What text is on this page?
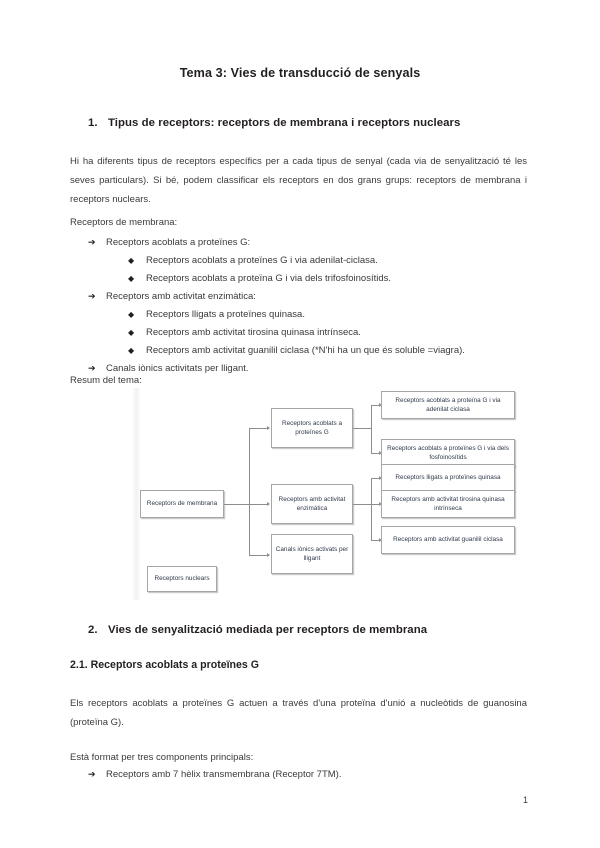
Tema 3: Vies de transducció de senyals
1. Tipus de receptors: receptors de membrana i receptors nuclears
Hi ha diferents tipus de receptors específics per a cada tipus de senyal (cada via de senyalització té les seves particulars). Si bé, podem classificar els receptors en dos grans grups: receptors de membrana i receptors nuclears.
Receptors de membrana:
➔ Receptors acoblats a proteïnes G:
◆ Receptors acoblats a proteïnes G i via adenilat-ciclasa.
◆ Receptors acoblats a proteïna G i via dels trifosfoinosítids.
➔ Receptors amb activitat enzimàtica:
◆ Receptors lligats a proteïnes quinasa.
◆ Receptors amb activitat tirosina quinasa intrínseca.
◆ Receptors amb activitat guanilil ciclasa (*N'hi ha un que és soluble =viagra).
➔ Canals iònics activitats per lligant.
Resum del tema:
Receptors de membrana
Receptors nuclears
Receptors acoblats a proteïnes G
Receptors amb activitat enzimàtica
Canals iònics activats per lligant
Receptors acoblats a proteïna G i via adenilat ciclasa
Receptors acoblats a proteïnes G i via dels fosfoinosítids
Receptors lligats a proteïnes quinasa
Receptors amb activitat tirosina quinasa intrínseca
Receptors amb activitat guanilil ciclasa
2. Vies de senyalització mediada per receptors de membrana
2.1. Receptors acoblats a proteïnes G
Els receptors acoblats a proteïnes G actuen a través d'una proteïna d'unió a nucleòtids de guanosina (proteïna G).
Està format per tres components principals:
➔ Receptors amb 7 hèlix transmembrana (Receptor 7TM).
1
